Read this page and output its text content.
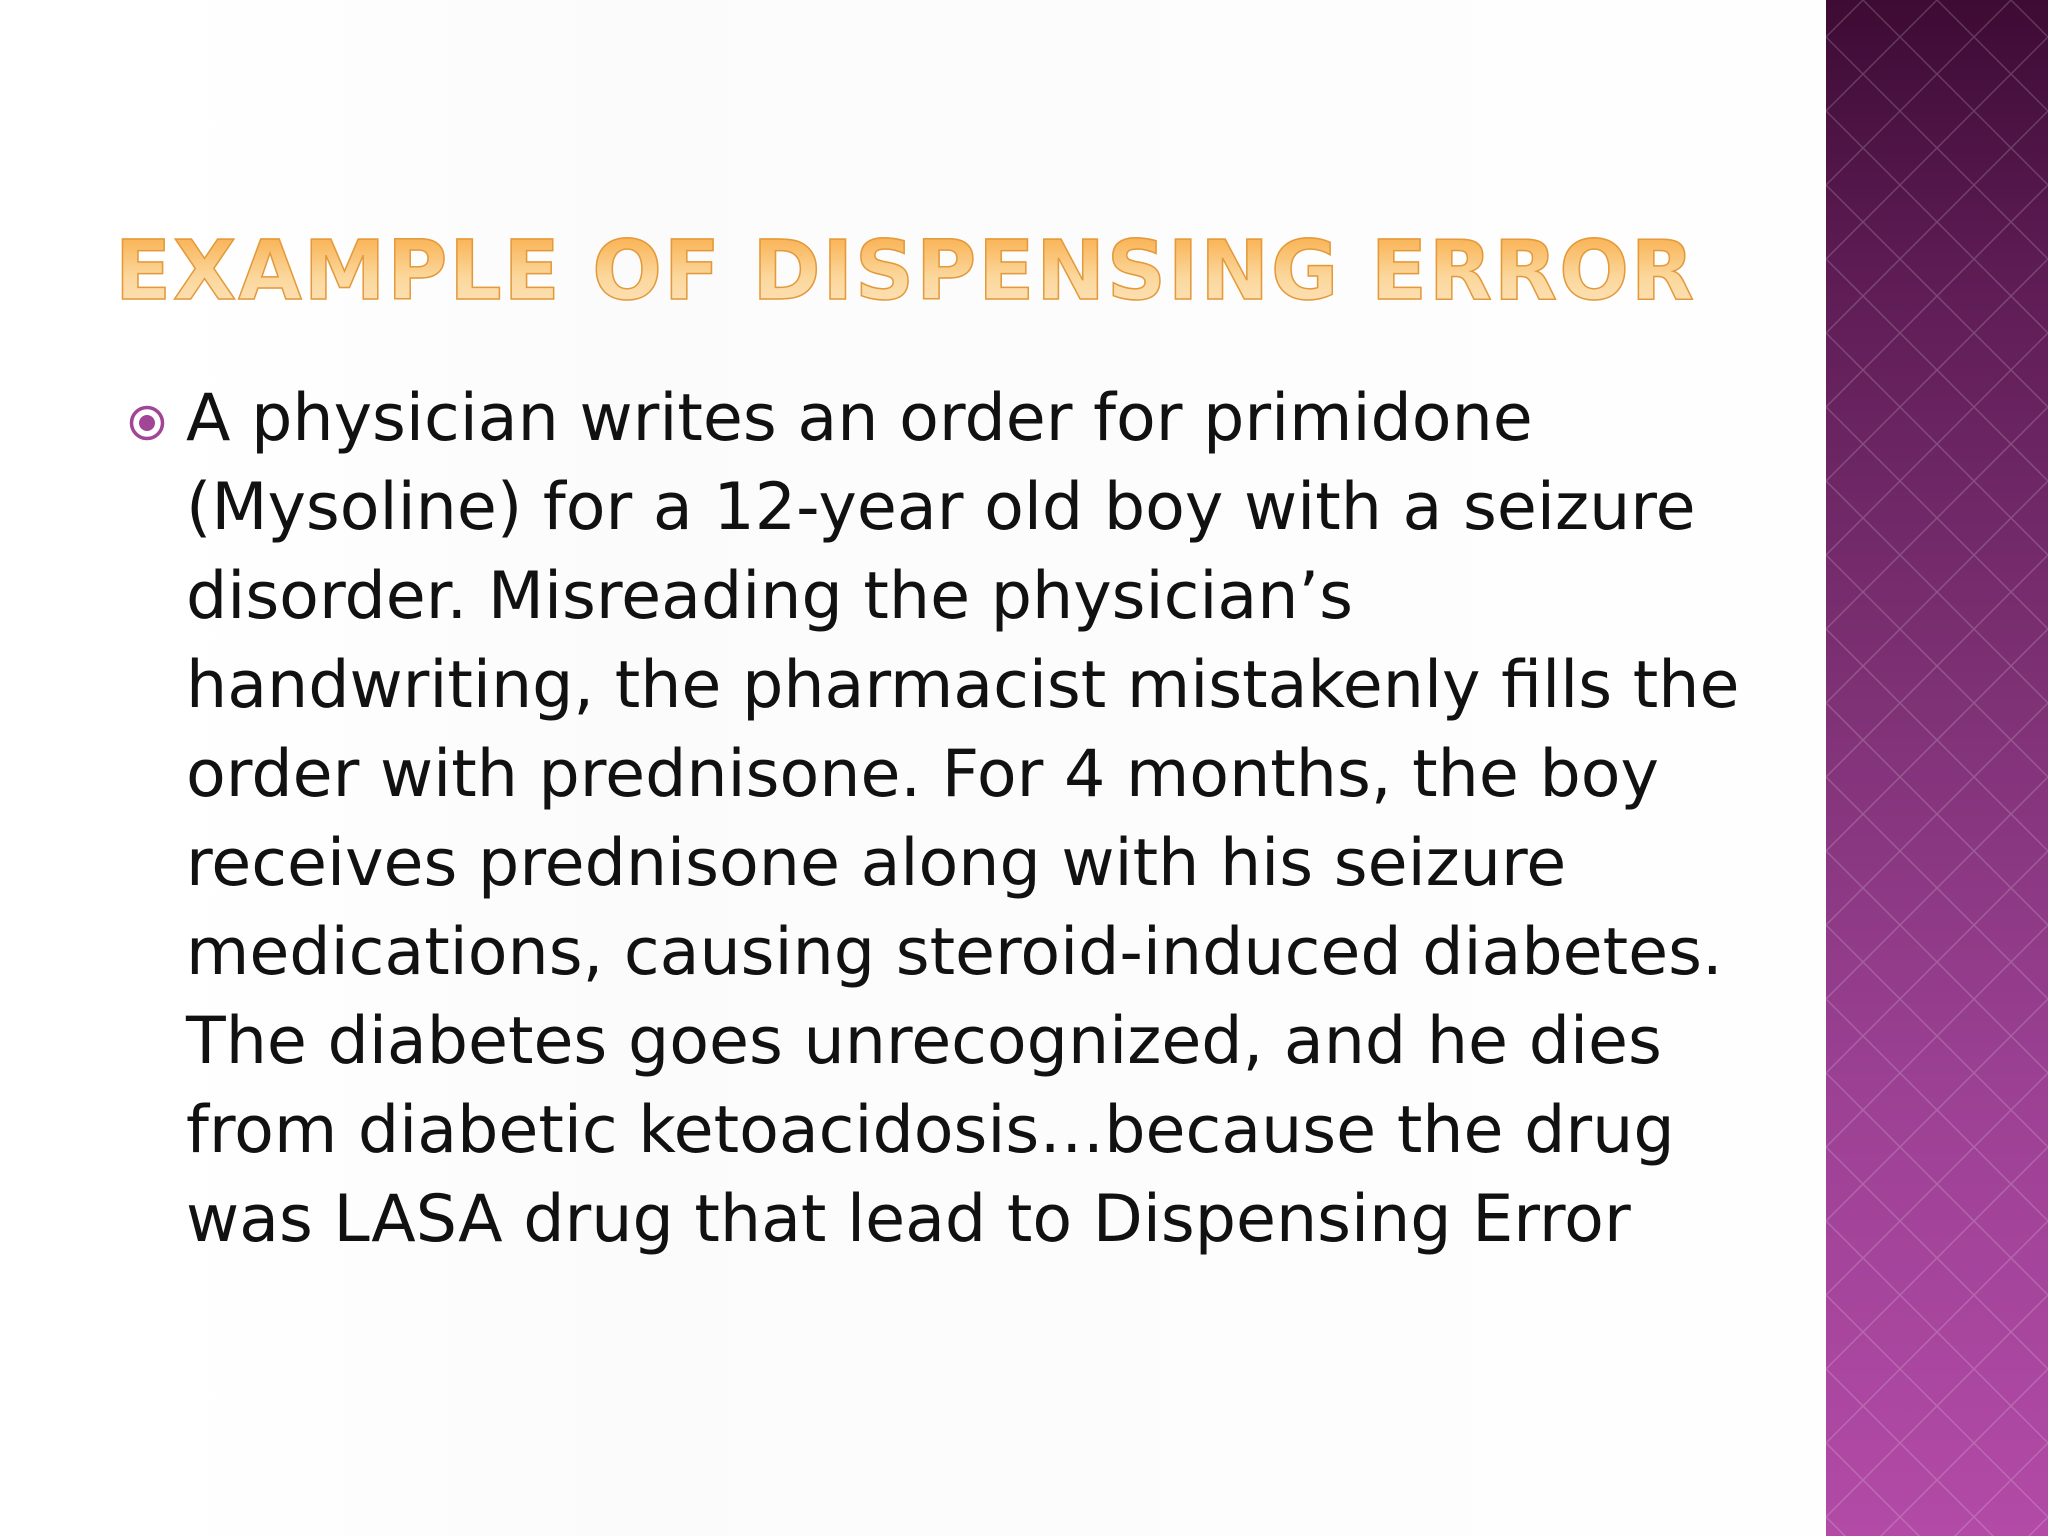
EXAMPLE OF DISPENSING ERROR
A physician writes an order for primidone (Mysoline) for a 12-year old boy with a seizure disorder. Misreading the physician’s handwriting, the pharmacist mistakenly fills the order with prednisone. For 4 months, the boy receives prednisone along with his seizure medications, causing steroid-induced diabetes. The diabetes goes unrecognized, and he dies from diabetic ketoacidosis…because the drug was LASA drug that lead to Dispensing Error
